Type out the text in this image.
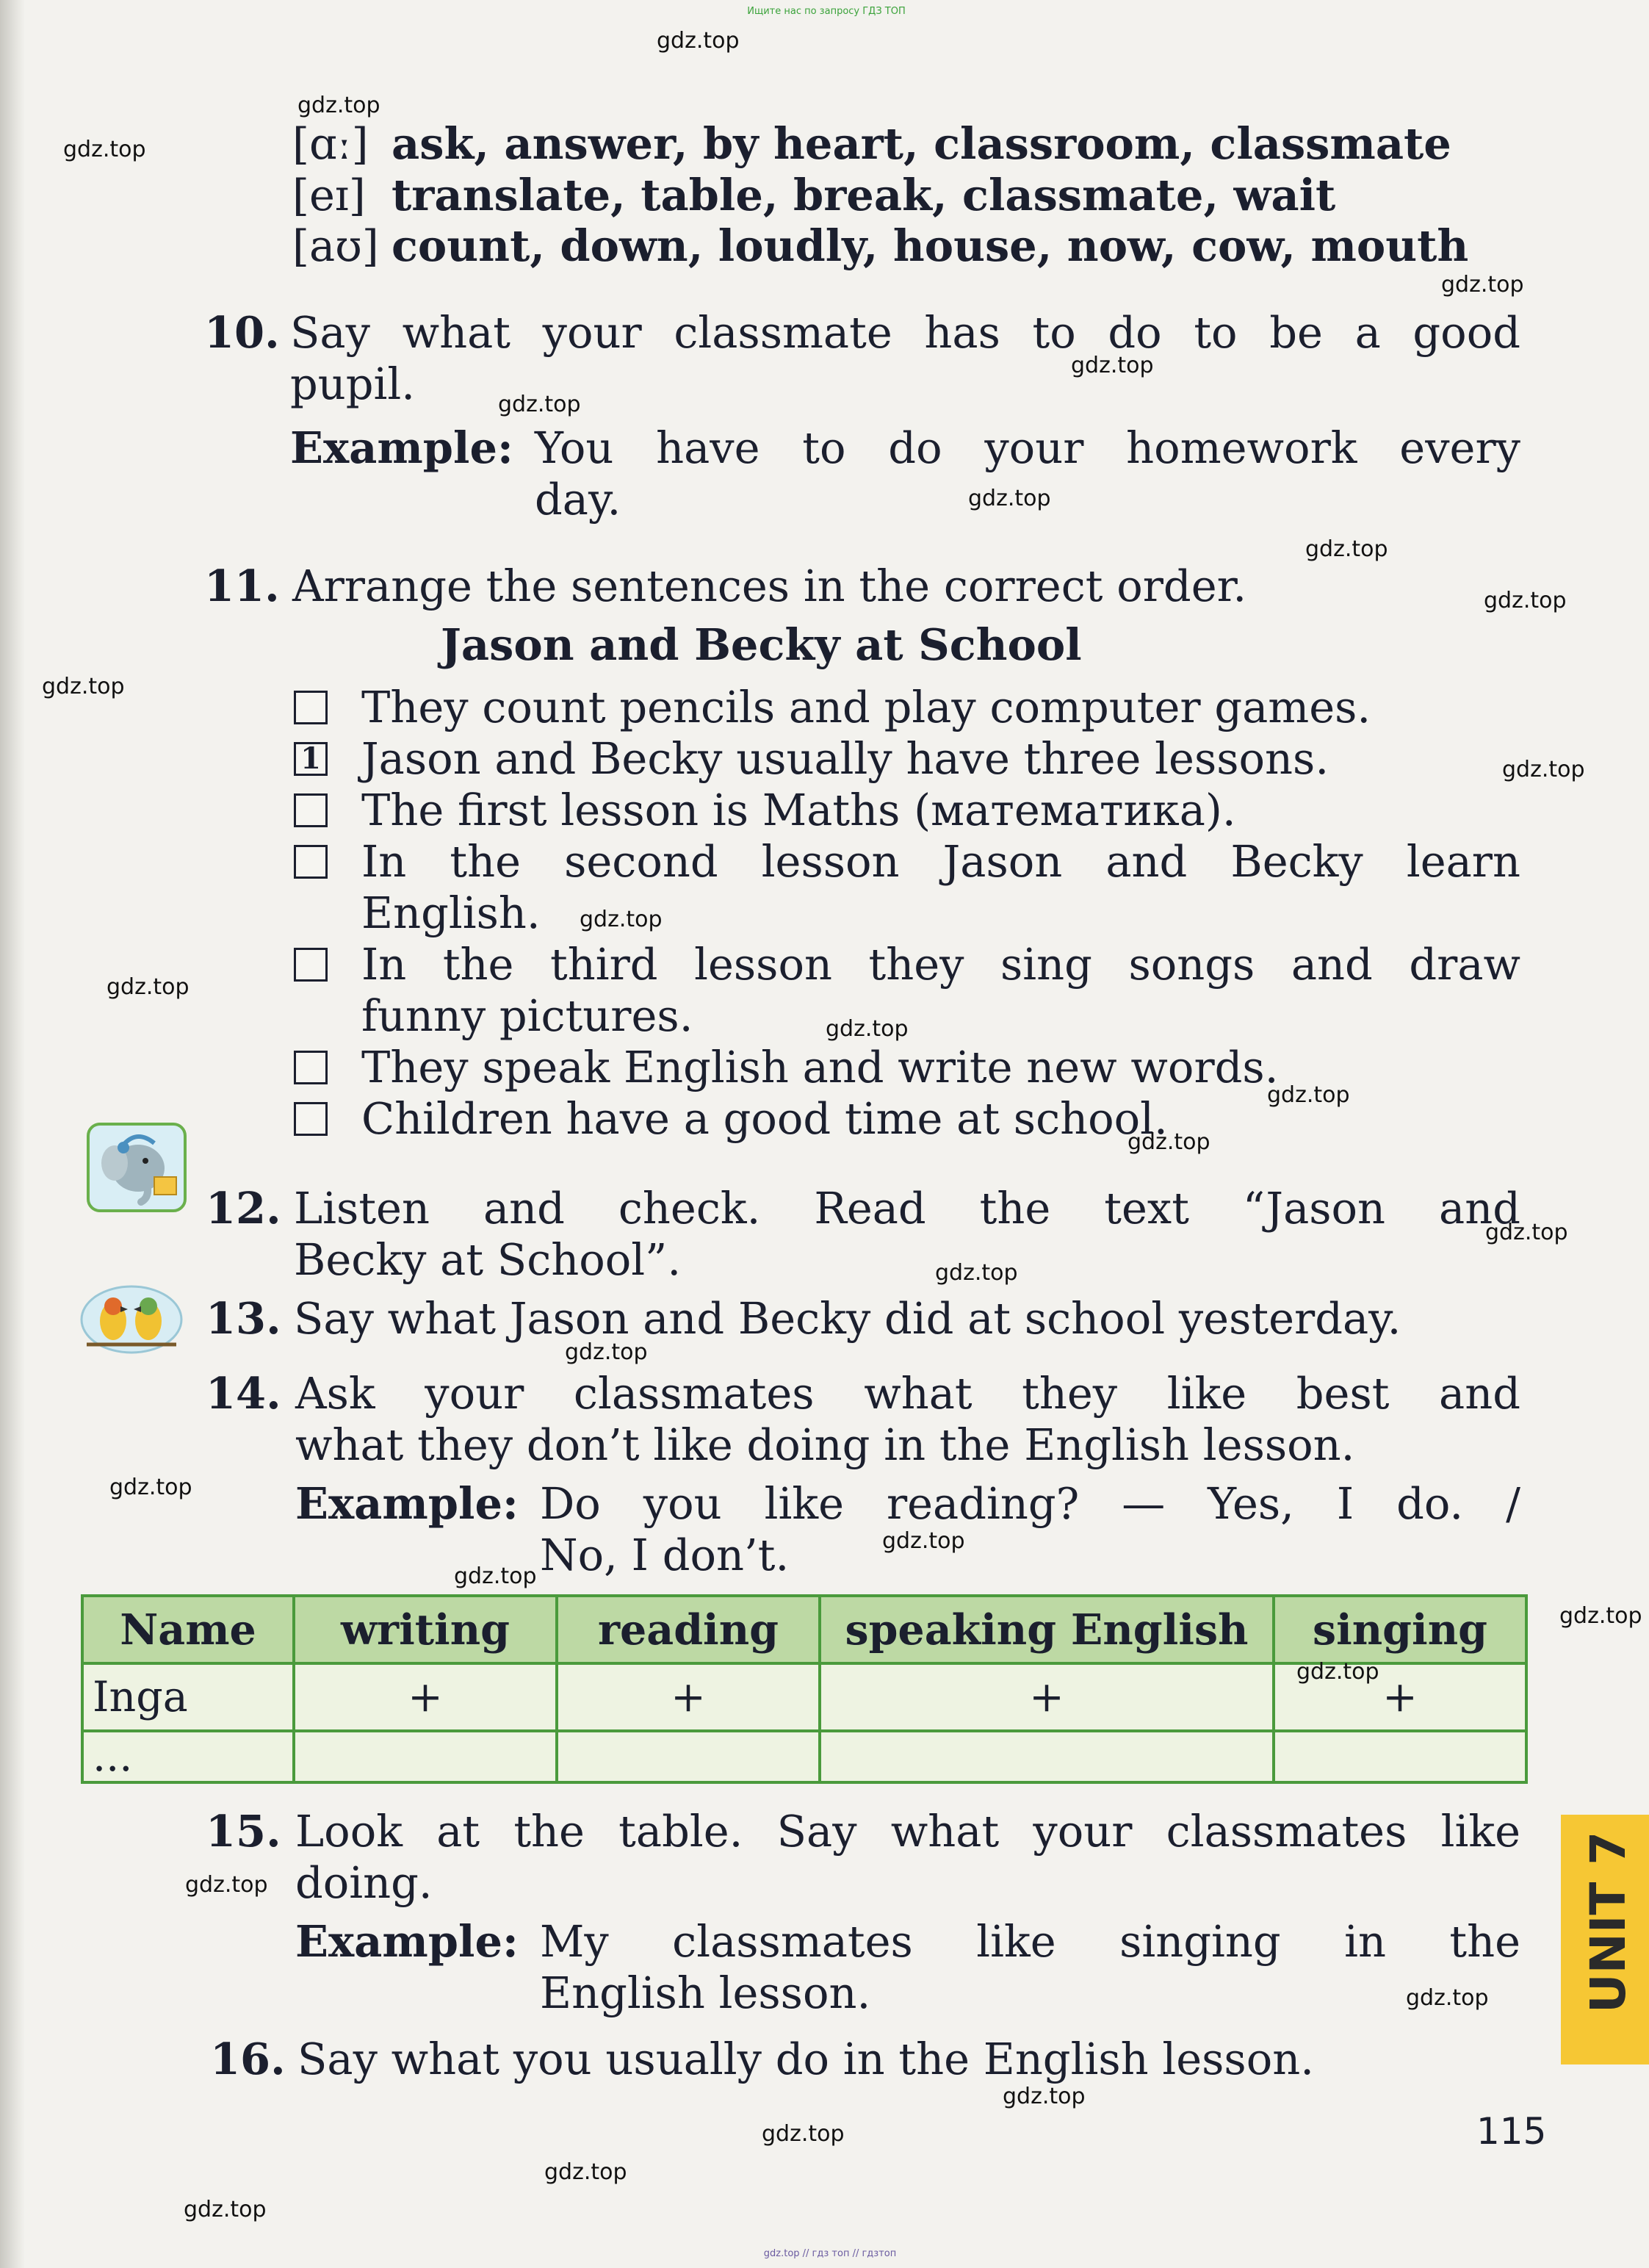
Ищите нас по запросу ГДЗ ТОП
[ɑː] ask, answer, by heart, classroom, classmate
[eɪ] translate, table, break, classmate, wait
[aʊ] count, down, loudly, house, now, cow, mouth
10. Say what your classmate has to do to be a good
pupil.
Example: You have to do your homework every
day.
11. Arrange the sentences in the correct order.
Jason and Becky at School
They count pencils and play computer games.
1 Jason and Becky usually have three lessons.
The first lesson is Maths (математика).
In the second lesson Jason and Becky learn
English.
In the third lesson they sing songs and draw
funny pictures.
They speak English and write new words.
Children have a good time at school.
12. Listen and check. Read the text “Jason and
Becky at School”.
13. Say what Jason and Becky did at school yesterday.
14. Ask your classmates what they like best and
what they don’t like doing in the English lesson.
Example: Do you like reading? — Yes, I do. /
No, I don’t.
Name	writing	reading	speaking English	singing
Inga	+	+	+	+
...				
15. Look at the table. Say what your classmates like
doing.
Example: My classmates like singing in the
English lesson.
16. Say what you usually do in the English lesson.
UNIT 7
115
gdz.top
gdz.top
gdz.top
gdz.top
gdz.top
gdz.top
gdz.top
gdz.top
gdz.top
gdz.top
gdz.top
gdz.top
gdz.top
gdz.top
gdz.top
gdz.top
gdz.top
gdz.top
gdz.top
gdz.top
gdz.top
gdz.top
gdz.top
gdz.top
gdz.top
gdz.top
gdz.top
gdz.top
gdz.top
gdz.top
gdz.top // гдз топ // гдзтоп
